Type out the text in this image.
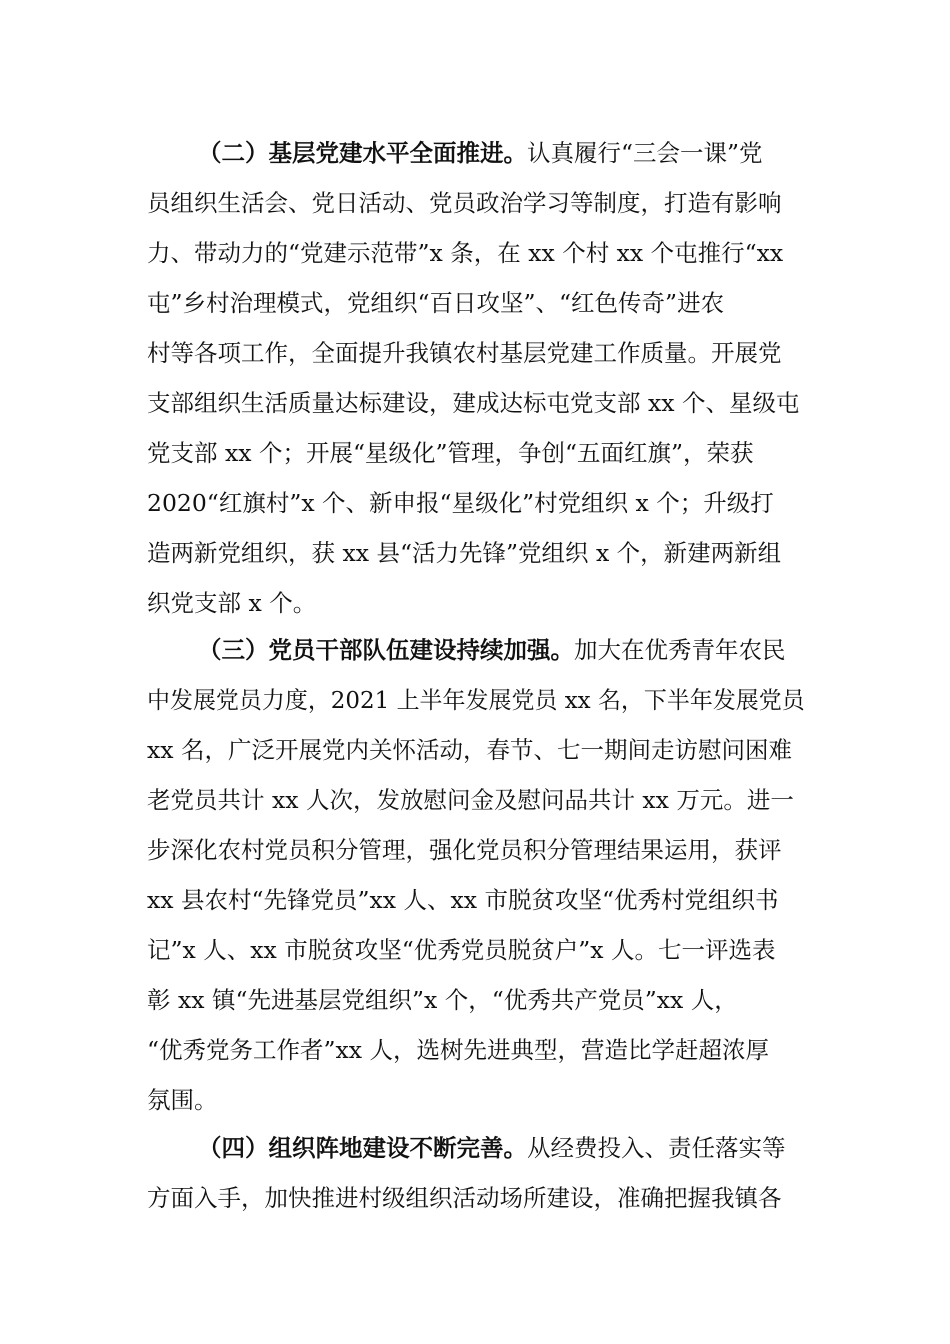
（二）基层党建水平全面推进。认真履行“三会一课”党
员组织生活会、党日活动、党员政治学习等制度，打造有影响
力、带动力的“党建示范带”x 条，在 xx 个村 xx 个屯推行“xx
屯”乡村治理模式，党组织“百日攻坚”、“红色传奇”进农
村等各项工作，全面提升我镇农村基层党建工作质量。开展党
支部组织生活质量达标建设，建成达标屯党支部 xx 个、星级屯
党支部 xx 个；开展“星级化”管理，争创“五面红旗”，荣获
2020“红旗村”x 个、新申报“星级化”村党组织 x 个；升级打
造两新党组织，获 xx 县“活力先锋”党组织 x 个，新建两新组
织党支部 x 个。
（三）党员干部队伍建设持续加强。加大在优秀青年农民
中发展党员力度，2021 上半年发展党员 xx 名，下半年发展党员
xx 名，广泛开展党内关怀活动，春节、七一期间走访慰问困难
老党员共计 xx 人次，发放慰问金及慰问品共计 xx 万元。进一
步深化农村党员积分管理，强化党员积分管理结果运用，获评
xx 县农村“先锋党员”xx 人、xx 市脱贫攻坚“优秀村党组织书
记”x 人、xx 市脱贫攻坚“优秀党员脱贫户”x 人。七一评选表
彰 xx 镇“先进基层党组织”x 个，“优秀共产党员”xx 人，
“优秀党务工作者”xx 人，选树先进典型，营造比学赶超浓厚
氛围。
（四）组织阵地建设不断完善。从经费投入、责任落实等
方面入手，加快推进村级组织活动场所建设，准确把握我镇各
